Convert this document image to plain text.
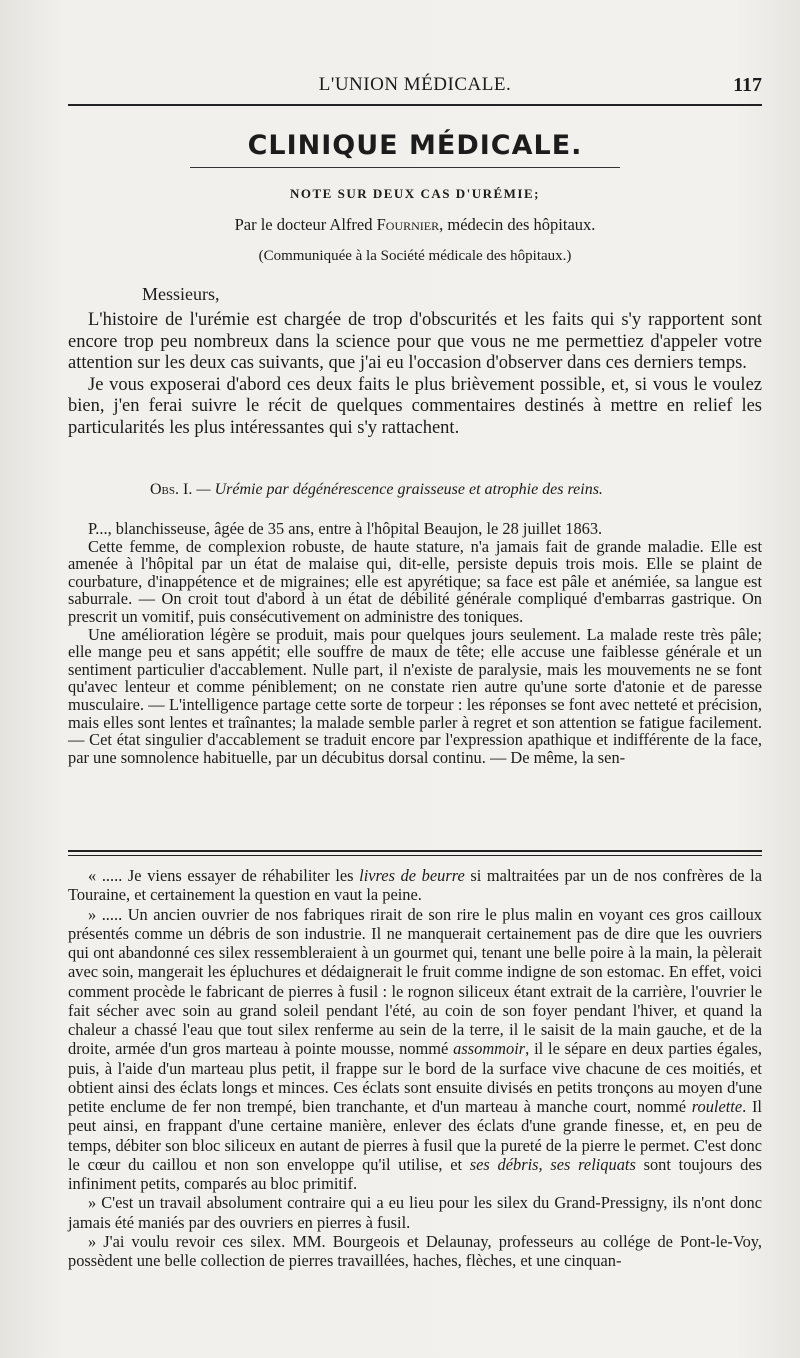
L'UNION MÉDICALE.	117
CLINIQUE MÉDICALE.
NOTE SUR DEUX CAS D'URÉMIE;
Par le docteur Alfred Fournier, médecin des hôpitaux.
(Communiquée à la Société médicale des hôpitaux.)
Messieurs,

L'histoire de l'urémie est chargée de trop d'obscurités et les faits qui s'y rapportent sont encore trop peu nombreux dans la science pour que vous ne me permettiez d'appeler votre attention sur les deux cas suivants, que j'ai eu l'occasion d'observer dans ces derniers temps.

Je vous exposerai d'abord ces deux faits le plus brièvement possible, et, si vous le voulez bien, j'en ferai suivre le récit de quelques commentaires destinés à mettre en relief les particularités les plus intéressantes qui s'y rattachent.

Obs. I. — Urémie par dégénérescence graisseuse et atrophie des reins.

P..., blanchisseuse, âgée de 35 ans, entre à l'hôpital Beaujon, le 28 juillet 1863.

Cette femme, de complexion robuste, de haute stature, n'a jamais fait de grande maladie. Elle est amenée à l'hôpital par un état de malaise qui, dit-elle, persiste depuis trois mois. Elle se plaint de courbature, d'inappétence et de migraines; elle est apyrétique; sa face est pâle et anémiée, sa langue est saburrale. — On croit tout d'abord à un état de débilité générale compliqué d'embarras gastrique. On prescrit un vomitif, puis consécutivement on administre des toniques.

Une amélioration légère se produit, mais pour quelques jours seulement. La malade reste très pâle; elle mange peu et sans appétit; elle souffre de maux de tête; elle accuse une faiblesse générale et un sentiment particulier d'accablement. Nulle part, il n'existe de paralysie, mais les mouvements ne se font qu'avec lenteur et comme péniblement; on ne constate rien autre qu'une sorte d'atonie et de paresse musculaire. — L'intelligence partage cette sorte de torpeur : les réponses se font avec netteté et précision, mais elles sont lentes et traînantes; la malade semble parler à regret et son attention se fatigue facilement. — Cet état singulier d'accablement se traduit encore par l'expression apathique et indifférente de la face, par une somnolence habituelle, par un décubitus dorsal continu. — De même, la sen-

« ..... Je viens essayer de réhabiliter les livres de beurre si maltraitées par un de nos confrères de la Touraine, et certainement la question en vaut la peine.

» ..... Un ancien ouvrier de nos fabriques rirait de son rire le plus malin en voyant ces gros cailloux présentés comme un débris de son industrie. Il ne manquerait certainement pas de dire que les ouvriers qui ont abandonné ces silex ressembleraient à un gourmet qui, tenant une belle poire à la main, la pèlerait avec soin, mangerait les épluchures et dédaignerait le fruit comme indigne de son estomac. En effet, voici comment procède le fabricant de pierres à fusil : le rognon siliceux étant extrait de la carrière, l'ouvrier le fait sécher avec soin au grand soleil pendant l'été, au coin de son foyer pendant l'hiver, et quand la chaleur a chassé l'eau que tout silex renferme au sein de la terre, il le saisit de la main gauche, et de la droite, armée d'un gros marteau à pointe mousse, nommé assommoir, il le sépare en deux parties égales, puis, à l'aide d'un marteau plus petit, il frappe sur le bord de la surface vive chacune de ces moitiés, et obtient ainsi des éclats longs et minces. Ces éclats sont ensuite divisés en petits tronçons au moyen d'une petite enclume de fer non trempé, bien tranchante, et d'un marteau à manche court, nommé roulette. Il peut ainsi, en frappant d'une certaine manière, enlever des éclats d'une grande finesse, et, en peu de temps, débiter son bloc siliceux en autant de pierres à fusil que la pureté de la pierre le permet. C'est donc le cœur du caillou et non son enveloppe qu'il utilise, et ses débris, ses reliquats sont toujours des infiniment petits, comparés au bloc primitif.

» C'est un travail absolument contraire qui a eu lieu pour les silex du Grand-Pressigny, ils n'ont donc jamais été maniés par des ouvriers en pierres à fusil.

» J'ai voulu revoir ces silex. MM. Bourgeois et Delaunay, professeurs au collége de Pont-le-Voy, possèdent une belle collection de pierres travaillées, haches, flèches, et une cinquan-
